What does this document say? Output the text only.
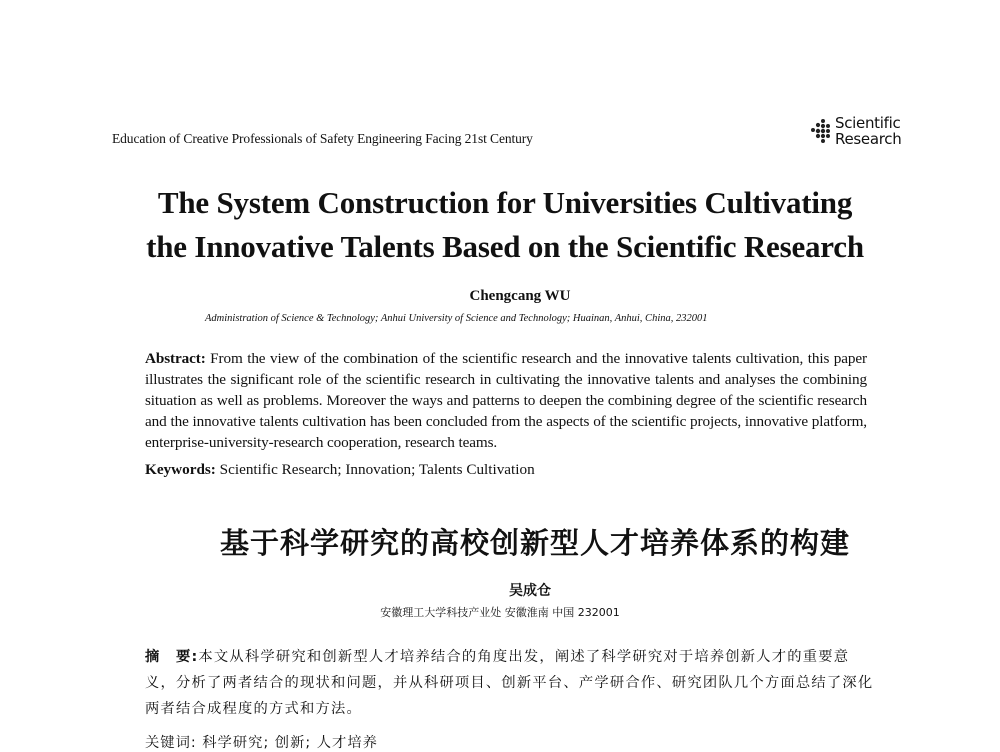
Education of Creative Professionals of Safety Engineering Facing 21st Century
Scientific
Research
The System Construction for Universities Cultivating
the Innovative Talents Based on the Scientific Research
Chengcang WU
Administration of Science & Technology; Anhui University of Science and Technology; Huainan, Anhui, China, 232001
Abstract: From the view of the combination of the scientific research and the innovative talents cultivation, this paper illustrates the significant role of the scientific research in cultivating the innovative talents and analyses the combining situation as well as problems. Moreover the ways and patterns to deepen the combining degree of the scientific research and the innovative talents cultivation has been concluded from the aspects of the scientific projects, innovative platform, enterprise-university-research cooperation, research teams.
Keywords: Scientific Research; Innovation; Talents Cultivation
基于科学研究的高校创新型人才培养体系的构建
吴成仓
安徽理工大学科技产业处 安徽淮南 中国 232001
摘　要:本文从科学研究和创新型人才培养结合的角度出发，阐述了科学研究对于培养创新人才的重要意义，分析了两者结合的现状和问题，并从科研项目、创新平台、产学研合作、研究团队几个方面总结了深化两者结合成程度的方式和方法。
关键词: 科学研究; 创新; 人才培养
